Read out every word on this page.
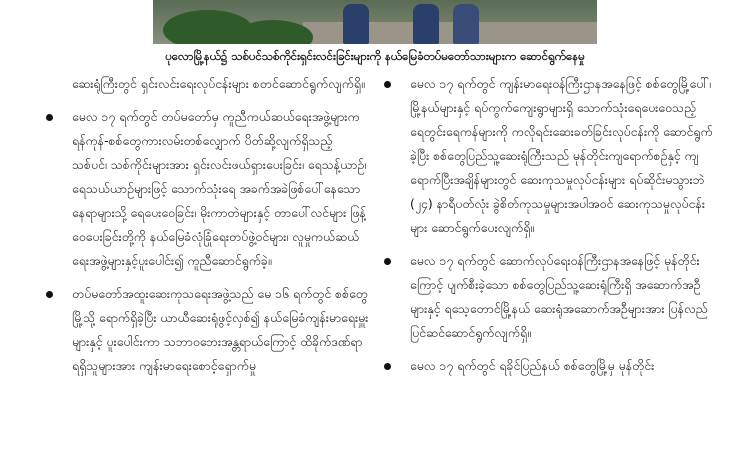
ပုလောမြို့နယ်၌ သစ်ပင်သစ်ကိုင်းရှင်းလင်းခြင်းများကို နယ်မြေခံတပ်မတော်သားများက ဆောင်ရွက်နေမှု
ဆေးရုံကြီးတွင် ရှင်းလင်းရေးလုပ်ငန်းများ စတင်ဆောင်ရွက်လျက်ရှိ။
မေလ ၁၇ ရက်တွင် တပ်မတော်မှ ကူညီကယ်ဆယ်ရေးအဖွဲ့များက ရန်ကုန်-စစ်တွေကားလမ်းတစ်လျှောက် ပိတ်ဆို့လျက်ရှိသည့် သစ်ပင်၊ သစ်ကိုင်းများအား ရှင်းလင်းဖယ်ရှားပေးခြင်း၊ ရေသန့်ယာဉ်၊ ရေသယ်ယာဉ်များဖြင့် သောက်သုံးရေ အခက်အခဲဖြစ်ပေါ်နေသောနေရာများသို့ ရေပေးဝေခြင်း၊ မိုးကာတဲများနှင့် တာပေါ်လင်များ ဖြန့်ဝေပေးခြင်းတို့ကို နယ်မြေခံလုံခြုံရေးတပ်ဖွဲ့ဝင်များ၊ လူမှုကယ်ဆယ်ရေးအဖွဲ့များနှင့်ပူးပေါင်း၍ ကူညီဆောင်ရွက်ခဲ့။
တပ်မတော်အထူးဆေးကုသရေးအဖွဲ့သည် မေ ၁၆ ရက်တွင် စစ်တွေမြို့သို့ ရောက်ရှိခဲ့ပြီး ယာယီဆေးရုံဖွင့်လှစ်၍ နယ်မြေခံကျန်းမာရေးမှူးများနှင့် ပူးပေါင်းကာ သဘာဝဘေးအန္တရာယ်ကြောင့် ထိခိုက်ဒဏ်ရာရရှိသူများအား ကျန်းမာရေးစောင့်ရှောက်မှု
မေလ ၁၇ ရက်တွင် ကျန်းမာရေးဝန်ကြီးဌာနအနေဖြင့် စစ်တွေမြို့ပေါ်၊ မြို့နယ်များနှင့် ရပ်ကွက်ကျေးရွာများရှိ သောက်သုံးရေပေးဝေသည့် ရေတွင်းရေကန်များကို ကလိုရင်းဆေးခတ်ခြင်းလုပ်ငန်းကို ဆောင်ရွက်ခဲ့ပြီး စစ်တွေပြည်သူ့ဆေးရုံကြီးသည် မုန်တိုင်းကျရောက်စဉ်နှင့် ကျရောက်ပြီးအချိန်များတွင် ဆေးကုသမှုလုပ်ငန်းများ ရပ်ဆိုင်းမသွားဘဲ (၂၄) နာရီပတ်လုံး ခွဲစိတ်ကုသမှုများအပါအဝင် ဆေးကုသမှုလုပ်ငန်းများ ဆောင်ရွက်ပေးလျက်ရှိ။
မေလ ၁၇ ရက်တွင် ဆောက်လုပ်ရေးဝန်ကြီးဌာနအနေဖြင့် မုန်တိုင်းကြောင့် ပျက်စီးခဲ့သော စစ်တွေပြည်သူ့ဆေးရုံကြီးရှိ အဆောက်အဦများနှင့် ရသေ့တောင်မြို့နယ် ဆေးရုံအဆောက်အဦများအား ပြန်လည်ပြင်ဆင်ဆောင်ရွက်လျက်ရှိ။
မေလ ၁၇ ရက်တွင် ရခိုင်ပြည်နယ် စစ်တွေမြို့မှ မုန်တိုင်း
